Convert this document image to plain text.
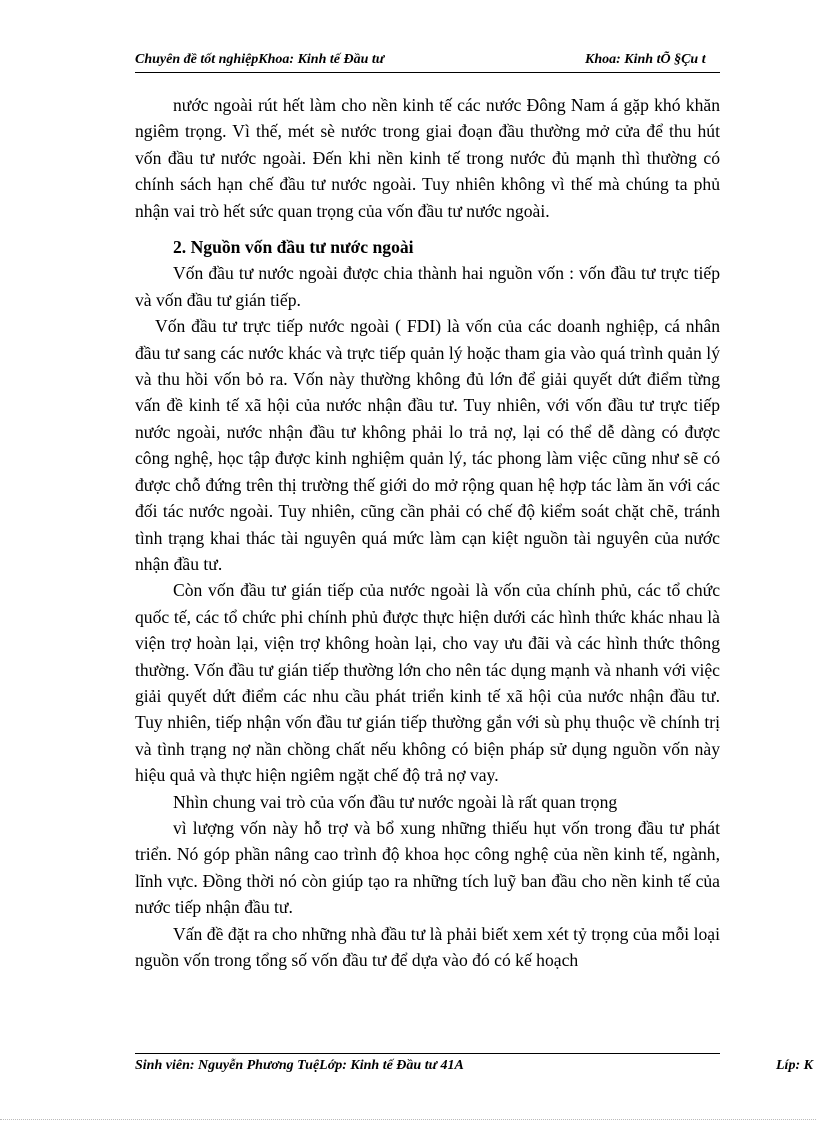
Chuyên đề tốt nghiệpKhoa: Kinh tế Đầu tư	Khoa: Kinh tÕ §Çu t

nước ngoài rút hết làm cho nền kinh tế các nước Đông Nam á gặp khó khăn ngiêm trọng. Vì thế, mét sè nước trong giai đoạn đầu thường mở cửa để thu hút vốn đầu tư nước ngoài. Đến khi nền kinh tế trong nước đủ mạnh thì thường có chính sách hạn chế đầu tư nước ngoài. Tuy nhiên không vì thế mà chúng ta phủ nhận vai trò hết sức quan trọng của vốn đầu tư nước ngoài.

2. Nguồn vốn đầu tư nước ngoài

Vốn đầu tư nước ngoài được chia thành hai nguồn vốn : vốn đầu tư trực tiếp và vốn đầu tư gián tiếp.

Vốn đầu tư trực tiếp nước ngoài ( FDI) là vốn của các doanh nghiệp, cá nhân đầu tư sang các nước khác và trực tiếp quản lý hoặc tham gia vào quá trình quản lý và thu hồi vốn bỏ ra. Vốn này thường không đủ lớn để giải quyết dứt điểm từng vấn đề kinh tế xã hội của nước nhận đầu tư. Tuy nhiên, với vốn đầu tư trực tiếp nước ngoài, nước nhận đầu tư không phải lo trả nợ, lại có thể dễ dàng có được công nghệ, học tập được kinh nghiệm quản lý, tác phong làm việc cũng như sẽ có được chỗ đứng trên thị trường thế giới do mở rộng quan hệ hợp tác làm ăn với các đối tác nước ngoài. Tuy nhiên, cũng cần phải có chế độ kiểm soát chặt chẽ, tránh tình trạng khai thác tài nguyên quá mức làm cạn kiệt nguồn tài nguyên của nước nhận đầu tư.

Còn vốn đầu tư gián tiếp của nước ngoài là vốn của chính phủ, các tổ chức quốc tế, các tổ chức phi chính phủ được thực hiện dưới các hình thức khác nhau là viện trợ hoàn lại, viện trợ không hoàn lại, cho vay ưu đãi và các hình thức thông thường. Vốn đầu tư gián tiếp thường lớn cho nên tác dụng mạnh và nhanh với việc giải quyết dứt điểm các nhu cầu phát triển kinh tế xã hội của nước nhận đầu tư. Tuy nhiên, tiếp nhận vốn đầu tư gián tiếp thường gắn với sù phụ thuộc về chính trị và tình trạng nợ nần chồng chất nếu không có biện pháp sử dụng nguồn vốn này hiệu quả và thực hiện ngiêm ngặt chế độ trả nợ vay.

Nhìn chung vai trò của vốn đầu tư nước ngoài là rất quan trọng

vì lượng vốn này hỗ trợ và bổ xung những thiếu hụt vốn trong đầu tư phát triển. Nó góp phần nâng cao trình độ khoa học công nghệ của nền kinh tế, ngành, lĩnh vực. Đồng thời nó còn giúp tạo ra những tích luỹ ban đầu cho nền kinh tế của nước tiếp nhận đầu tư.

Vấn đề đặt ra cho những nhà đầu tư là phải biết xem xét tỷ trọng của mỗi loại nguồn vốn trong tổng số vốn đầu tư để dựa vào đó có kế hoạch

Sinh viên: Nguyễn Phương TuệLớp: Kinh tế Đầu tư 41A	Líp: K
